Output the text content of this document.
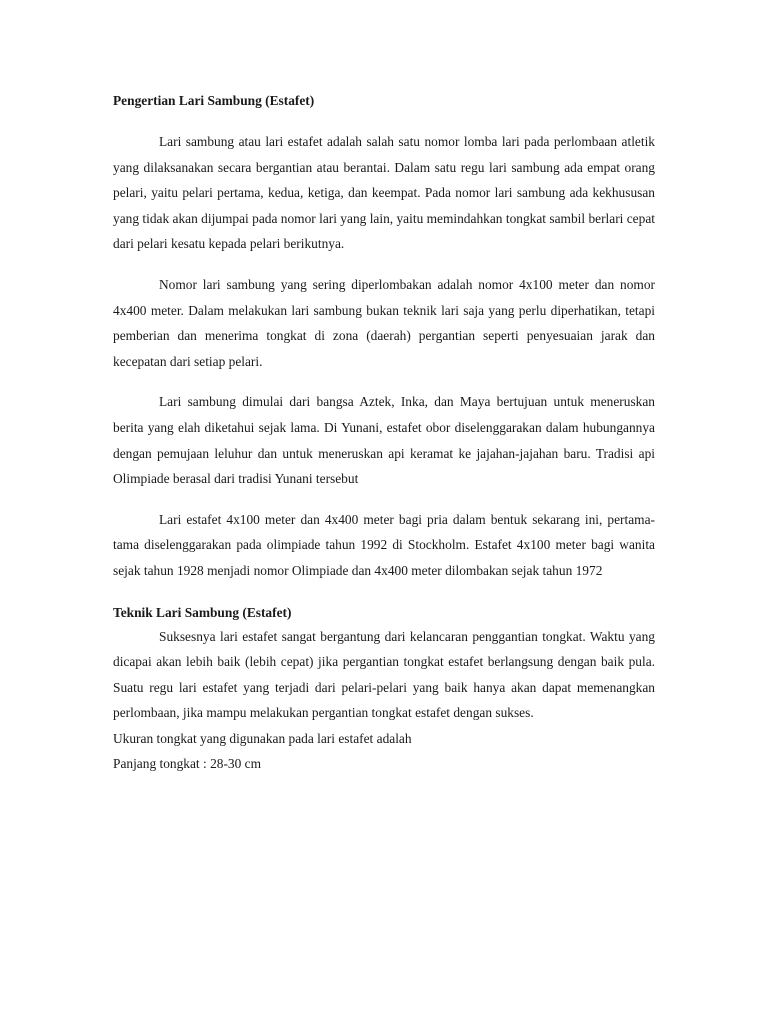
Pengertian Lari Sambung (Estafet)

Lari sambung atau lari estafet adalah salah satu nomor lomba lari pada perlombaan atletik yang dilaksanakan secara bergantian atau berantai. Dalam satu regu lari sambung ada empat orang pelari, yaitu pelari pertama, kedua, ketiga, dan keempat. Pada nomor lari sambung ada kekhususan yang tidak akan dijumpai pada nomor lari yang lain, yaitu memindahkan tongkat sambil berlari cepat dari pelari kesatu kepada pelari berikutnya.

Nomor lari sambung yang sering diperlombakan adalah nomor 4x100 meter dan nomor 4x400 meter. Dalam melakukan lari sambung bukan teknik lari saja yang perlu diperhatikan, tetapi pemberian dan menerima tongkat di zona (daerah) pergantian seperti penyesuaian jarak dan kecepatan dari setiap pelari.

Lari sambung dimulai dari bangsa Aztek, Inka, dan Maya bertujuan untuk meneruskan berita yang elah diketahui sejak lama. Di Yunani, estafet obor diselenggarakan dalam hubungannya dengan pemujaan leluhur dan untuk meneruskan api keramat ke jajahan-jajahan baru. Tradisi api Olimpiade berasal dari tradisi Yunani tersebut

Lari estafet 4x100 meter dan 4x400 meter bagi pria dalam bentuk sekarang ini, pertama-tama diselenggarakan pada olimpiade tahun 1992 di Stockholm. Estafet 4x100 meter bagi wanita sejak tahun 1928 menjadi nomor Olimpiade dan 4x400 meter dilombakan sejak tahun 1972

Teknik Lari Sambung (Estafet)

Suksesnya lari estafet sangat bergantung dari kelancaran penggantian tongkat. Waktu yang dicapai akan lebih baik (lebih cepat) jika pergantian tongkat estafet berlangsung dengan baik pula. Suatu regu lari estafet yang terjadi dari pelari-pelari yang baik hanya akan dapat memenangkan perlombaan, jika mampu melakukan pergantian tongkat estafet dengan sukses.

Ukuran tongkat yang digunakan pada lari estafet adalah

Panjang tongkat : 28-30 cm
